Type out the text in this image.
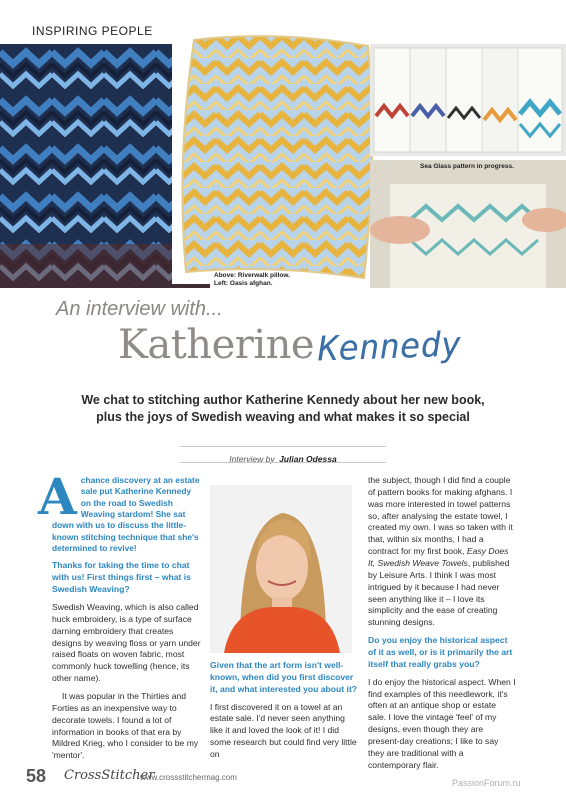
INSPIRING PEOPLE
Above: Riverwalk pillow.
Left: Oasis afghan.
Sea Glass pattern in progress.
An interview with...
KatherineKennedy
We chat to stitching author Katherine Kennedy about her new book,
plus the joys of Swedish weaving and what makes it so special
Interview by Julian Odessa

Achance discovery at an estate sale put Katherine Kennedy on the road to Swedish Weaving stardom! She sat down with us to discuss the little-known stitching technique that she's determined to revive!

Thanks for taking the time to chat with us! First things first – what is Swedish Weaving?

Swedish Weaving, which is also called huck embroidery, is a type of surface darning embroidery that creates designs by weaving floss or yarn under raised floats on woven fabric, most commonly huck towelling (hence, its other name).

It was popular in the Thirties and Forties as an inexpensive way to decorate towels. I found a lot of information in books of that era by Mildred Krieg, who I consider to be my 'mentor'.

Given that the art form isn't well-known, when did you first discover it, and what interested you about it?

I first discovered it on a towel at an estate sale. I'd never seen anything like it and loved the look of it! I did some research but could find very little on

the subject, though I did find a couple of pattern books for making afghans. I was more interested in towel patterns so, after analysing the estate towel, I created my own. I was so taken with it that, within six months, I had a contract for my first book, Easy Does It, Swedish Weave Towels, published by Leisure Arts. I think I was most intrigued by it because I had never seen anything like it – I love its simplicity and the ease of creating stunning designs.

Do you enjoy the historical aspect of it as well, or is it primarily the art itself that really grabs you?

I do enjoy the historical aspect. When I find examples of this needlework, it's often at an antique shop or estate sale. I love the vintage 'feel' of my designs, even though they are present-day creations; I like to say they are traditional with a contemporary flair.

58 CrossStitcher
www.crossstitchermag.com
PassionForum.ru
